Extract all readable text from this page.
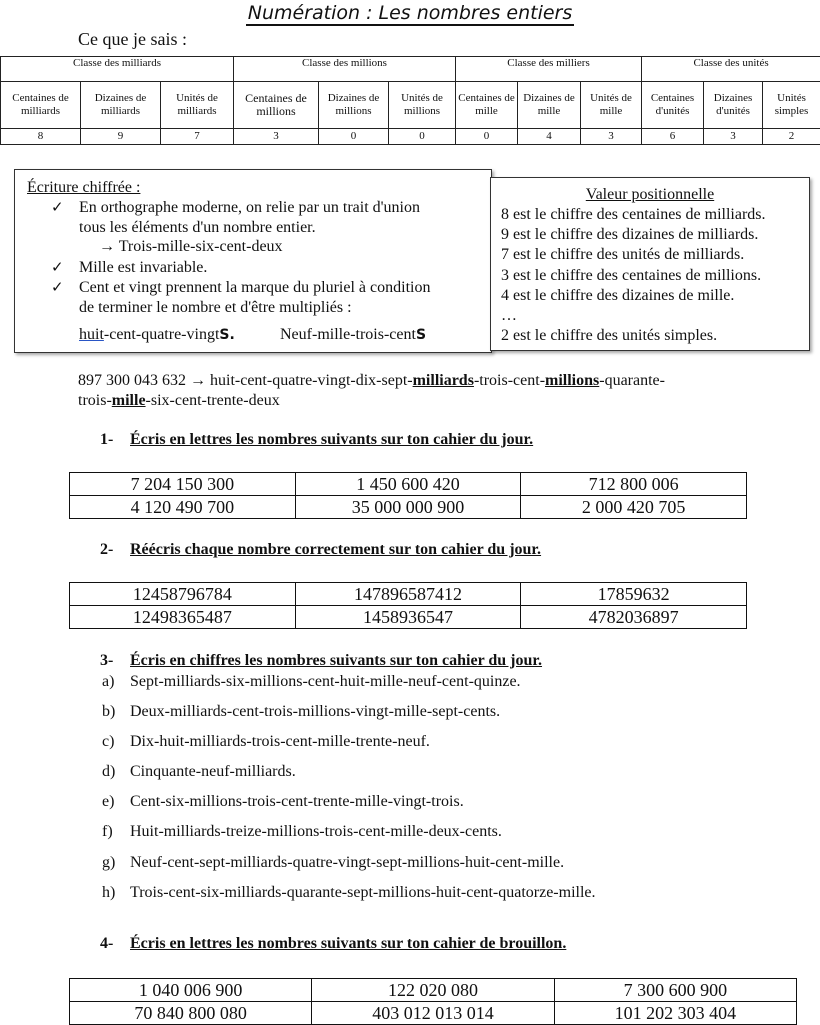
Numération : Les nombres entiers
Ce que je sais :
Classe des milliards			Classe des millions			Classe des milliers			Classe des unités		
Centaines de milliards	Dizaines de milliards	Unités de milliards	Centaines de millions	Dizaines de millions	Unités de millions	Centaines de mille	Dizaines de mille	Unités de mille	Centaines d'unités	Dizaines d'unités	Unités simples
8	9	7	3	0	0	0	4	3	6	3	2
Écriture chiffrée :
✓ En orthographe moderne, on relie par un trait d'union
tous les éléments d'un nombre entier.
→ Trois-mille-six-cent-deux
✓ Mille est invariable.
✓ Cent et vingt prennent la marque du pluriel à condition
de terminer le nombre et d'être multipliés :
huit-cent-quatre-vingtS.	Neuf-mille-trois-centS
Valeur positionnelle
8 est le chiffre des centaines de milliards.
9 est le chiffre des dizaines de milliards.
7 est le chiffre des unités de milliards.
3 est le chiffre des centaines de millions.
4 est le chiffre des dizaines de mille.
…
2 est le chiffre des unités simples.
897 300 043 632 → huit-cent-quatre-vingt-dix-sept-milliards-trois-cent-millions-quarante-
trois-mille-six-cent-trente-deux
1- Écris en lettres les nombres suivants sur ton cahier du jour.
7 204 150 300	1 450 600 420	712 800 006
4 120 490 700	35 000 000 900	2 000 420 705
2- Réécris chaque nombre correctement sur ton cahier du jour.
12458796784	147896587412	17859632
12498365487	1458936547	4782036897
3- Écris en chiffres les nombres suivants sur ton cahier du jour.
a) Sept-milliards-six-millions-cent-huit-mille-neuf-cent-quinze.
b) Deux-milliards-cent-trois-millions-vingt-mille-sept-cents.
c) Dix-huit-milliards-trois-cent-mille-trente-neuf.
d) Cinquante-neuf-milliards.
e) Cent-six-millions-trois-cent-trente-mille-vingt-trois.
f) Huit-milliards-treize-millions-trois-cent-mille-deux-cents.
g) Neuf-cent-sept-milliards-quatre-vingt-sept-millions-huit-cent-mille.
h) Trois-cent-six-milliards-quarante-sept-millions-huit-cent-quatorze-mille.
4- Écris en lettres les nombres suivants sur ton cahier de brouillon.
1 040 006 900	122 020 080	7 300 600 900
70 840 800 080	403 012 013 014	101 202 303 404
